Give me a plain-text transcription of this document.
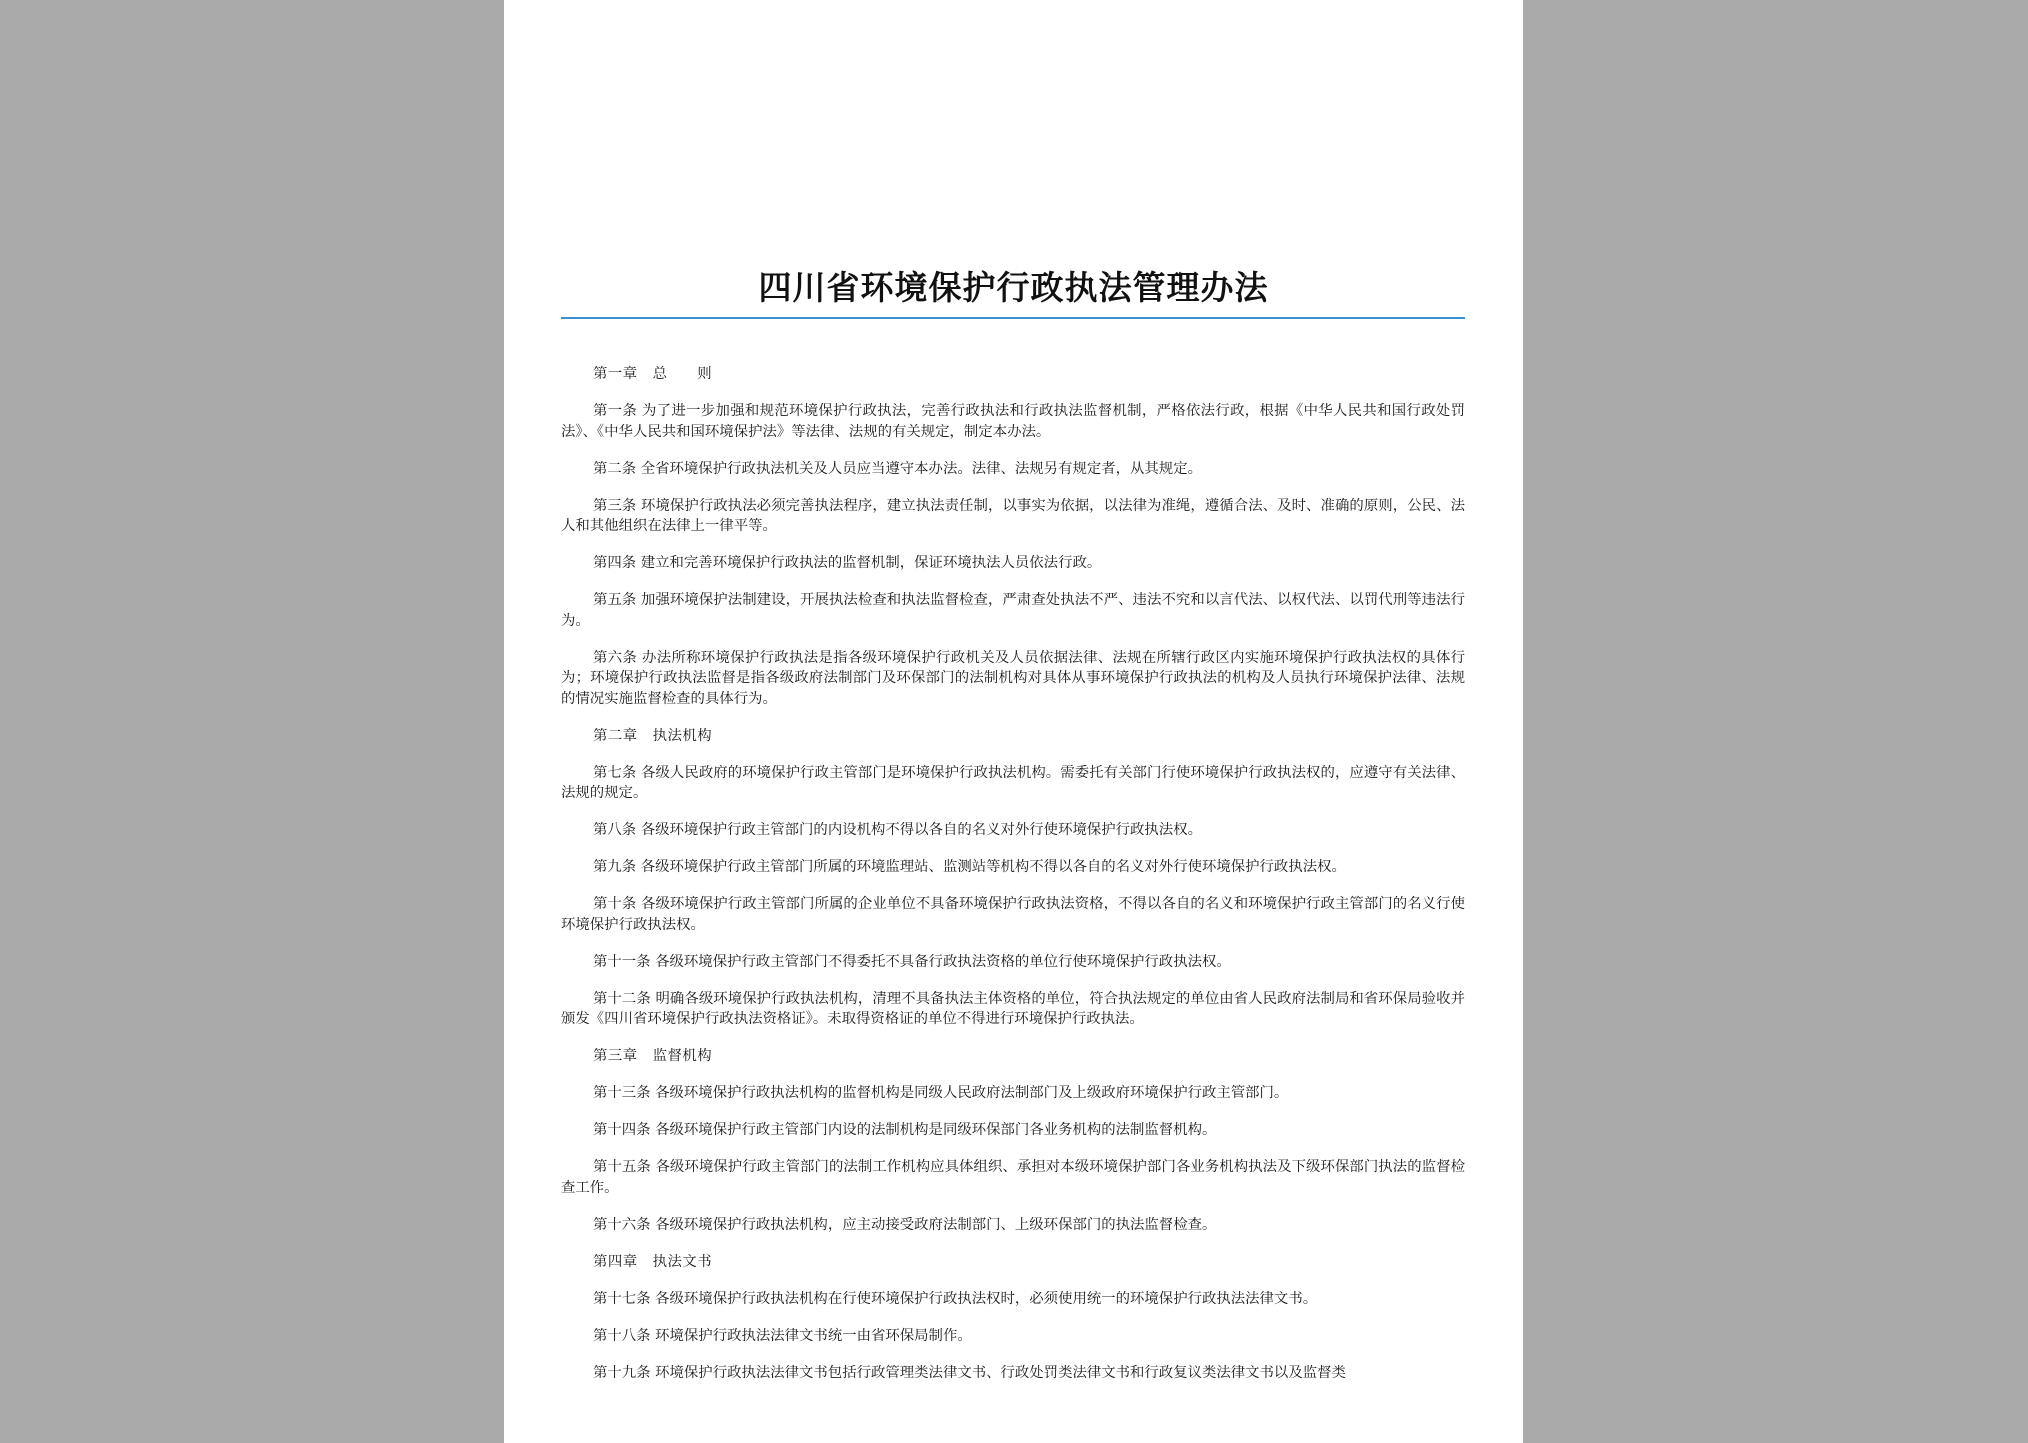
四川省环境保护行政执法管理办法

第一章　总　　则

第一条 为了进一步加强和规范环境保护行政执法，完善行政执法和行政执法监督机制，严格依法行政，根据《中华人民共和国行政处罚法》、《中华人民共和国环境保护法》等法律、法规的有关规定，制定本办法。

第二条 全省环境保护行政执法机关及人员应当遵守本办法。法律、法规另有规定者，从其规定。

第三条 环境保护行政执法必须完善执法程序，建立执法责任制，以事实为依据，以法律为准绳，遵循合法、及时、准确的原则，公民、法人和其他组织在法律上一律平等。

第四条 建立和完善环境保护行政执法的监督机制，保证环境执法人员依法行政。

第五条 加强环境保护法制建设，开展执法检查和执法监督检查，严肃查处执法不严、违法不究和以言代法、以权代法、以罚代刑等违法行为。

第六条 办法所称环境保护行政执法是指各级环境保护行政机关及人员依据法律、法规在所辖行政区内实施环境保护行政执法权的具体行为；环境保护行政执法监督是指各级政府法制部门及环保部门的法制机构对具体从事环境保护行政执法的机构及人员执行环境保护法律、法规的情况实施监督检查的具体行为。

第二章　执法机构

第七条 各级人民政府的环境保护行政主管部门是环境保护行政执法机构。需委托有关部门行使环境保护行政执法权的，应遵守有关法律、法规的规定。

第八条 各级环境保护行政主管部门的内设机构不得以各自的名义对外行使环境保护行政执法权。

第九条 各级环境保护行政主管部门所属的环境监理站、监测站等机构不得以各自的名义对外行使环境保护行政执法权。

第十条 各级环境保护行政主管部门所属的企业单位不具备环境保护行政执法资格，不得以各自的名义和环境保护行政主管部门的名义行使环境保护行政执法权。

第十一条 各级环境保护行政主管部门不得委托不具备行政执法资格的单位行使环境保护行政执法权。

第十二条 明确各级环境保护行政执法机构，清理不具备执法主体资格的单位，符合执法规定的单位由省人民政府法制局和省环保局验收并颁发《四川省环境保护行政执法资格证》。未取得资格证的单位不得进行环境保护行政执法。

第三章　监督机构

第十三条 各级环境保护行政执法机构的监督机构是同级人民政府法制部门及上级政府环境保护行政主管部门。

第十四条 各级环境保护行政主管部门内设的法制机构是同级环保部门各业务机构的法制监督机构。

第十五条 各级环境保护行政主管部门的法制工作机构应具体组织、承担对本级环境保护部门各业务机构执法及下级环保部门执法的监督检查工作。

第十六条 各级环境保护行政执法机构，应主动接受政府法制部门、上级环保部门的执法监督检查。

第四章　执法文书

第十七条 各级环境保护行政执法机构在行使环境保护行政执法权时，必须使用统一的环境保护行政执法法律文书。

第十八条 环境保护行政执法法律文书统一由省环保局制作。

第十九条 环境保护行政执法法律文书包括行政管理类法律文书、行政处罚类法律文书和行政复议类法律文书以及监督类
